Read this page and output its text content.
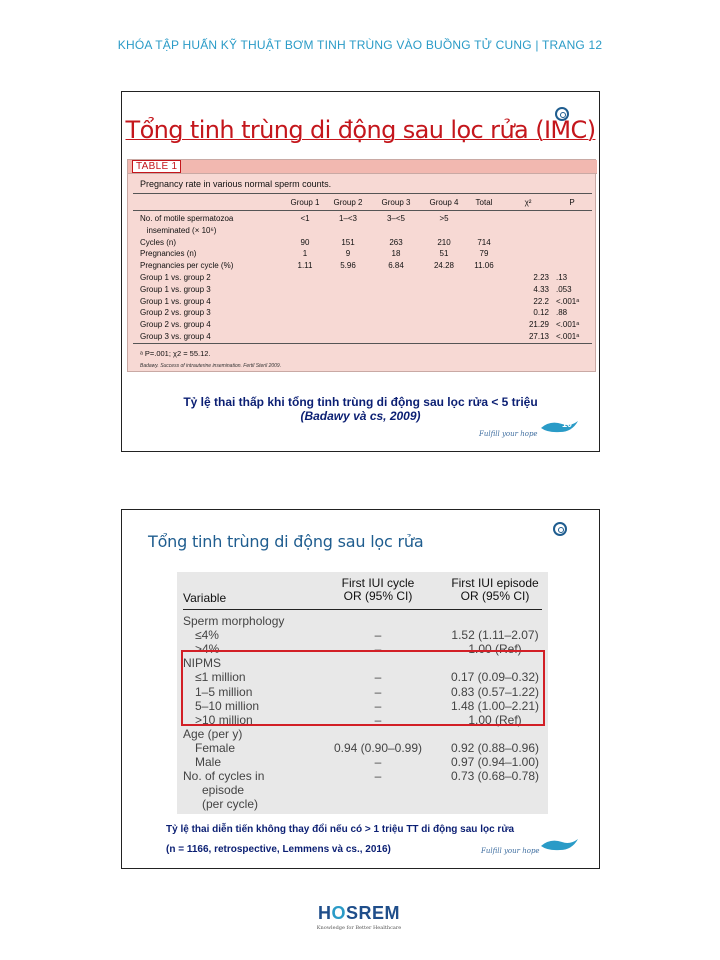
KHÓA TẬP HUẤN KỸ THUẬT BƠM TINH TRÙNG VÀO BUỒNG TỬ CUNG | TRANG 12
Tổng tinh trùng di động sau lọc rửa (IMC)
TABLE 1
Pregnancy rate in various normal sperm counts.
Group 1	Group 2	Group 3	Group 4	Total	χ²	P
No. of motile spermatozoa	<1	1–<3	3–<5	>5
inseminated (× 10⁶)
Cycles (n)	90	151	263	210	714
Pregnancies (n)	1	9	18	51	79
Pregnancies per cycle (%)	1.11	5.96	6.84	24.28	11.06
Group 1 vs. group 2	2.23 .13
Group 1 vs. group 3	4.33 .053
Group 1 vs. group 4	22.2 <.001ᵃ
Group 2 vs. group 3	0.12 .88
Group 2 vs. group 4	21.29 <.001ᵃ
Group 3 vs. group 4	27.13 <.001ᵃ
ᵃ P=.001; χ2 = 55.12.
Badawy. Success of intrauterine insemination. Fertil Steril 2009.
Tỷ lệ thai thấp khi tổng tinh trùng di động sau lọc rửa < 5 triệu
(Badawy và cs, 2009)
Fulfill your hope
10
Tổng tinh trùng di động sau lọc rửa
Variable
First IUI cycle
OR (95% CI)
First IUI episode
OR (95% CI)
Sperm morphology
≤4%	–	1.52 (1.11–2.07)
>4%	–	1.00 (Ref)
NIPMS
≤1 million	–	0.17 (0.09–0.32)
1–5 million	–	0.83 (0.57–1.22)
5–10 million	–	1.48 (1.00–2.21)
>10 million	–	1.00 (Ref)
Age (per y)
Female	0.94 (0.90–0.99)	0.92 (0.88–0.96)
Male	–	0.97 (0.94–1.00)
No. of cycles in	–	0.73 (0.68–0.78)
episode
(per cycle)
Tỷ lệ thai diễn tiến không thay đổi nếu có > 1 triệu TT di động sau lọc rửa
(n = 1166, retrospective, Lemmens và cs., 2016)	Fulfill your hope
HOSREM
Knowledge for Better Healthcare
